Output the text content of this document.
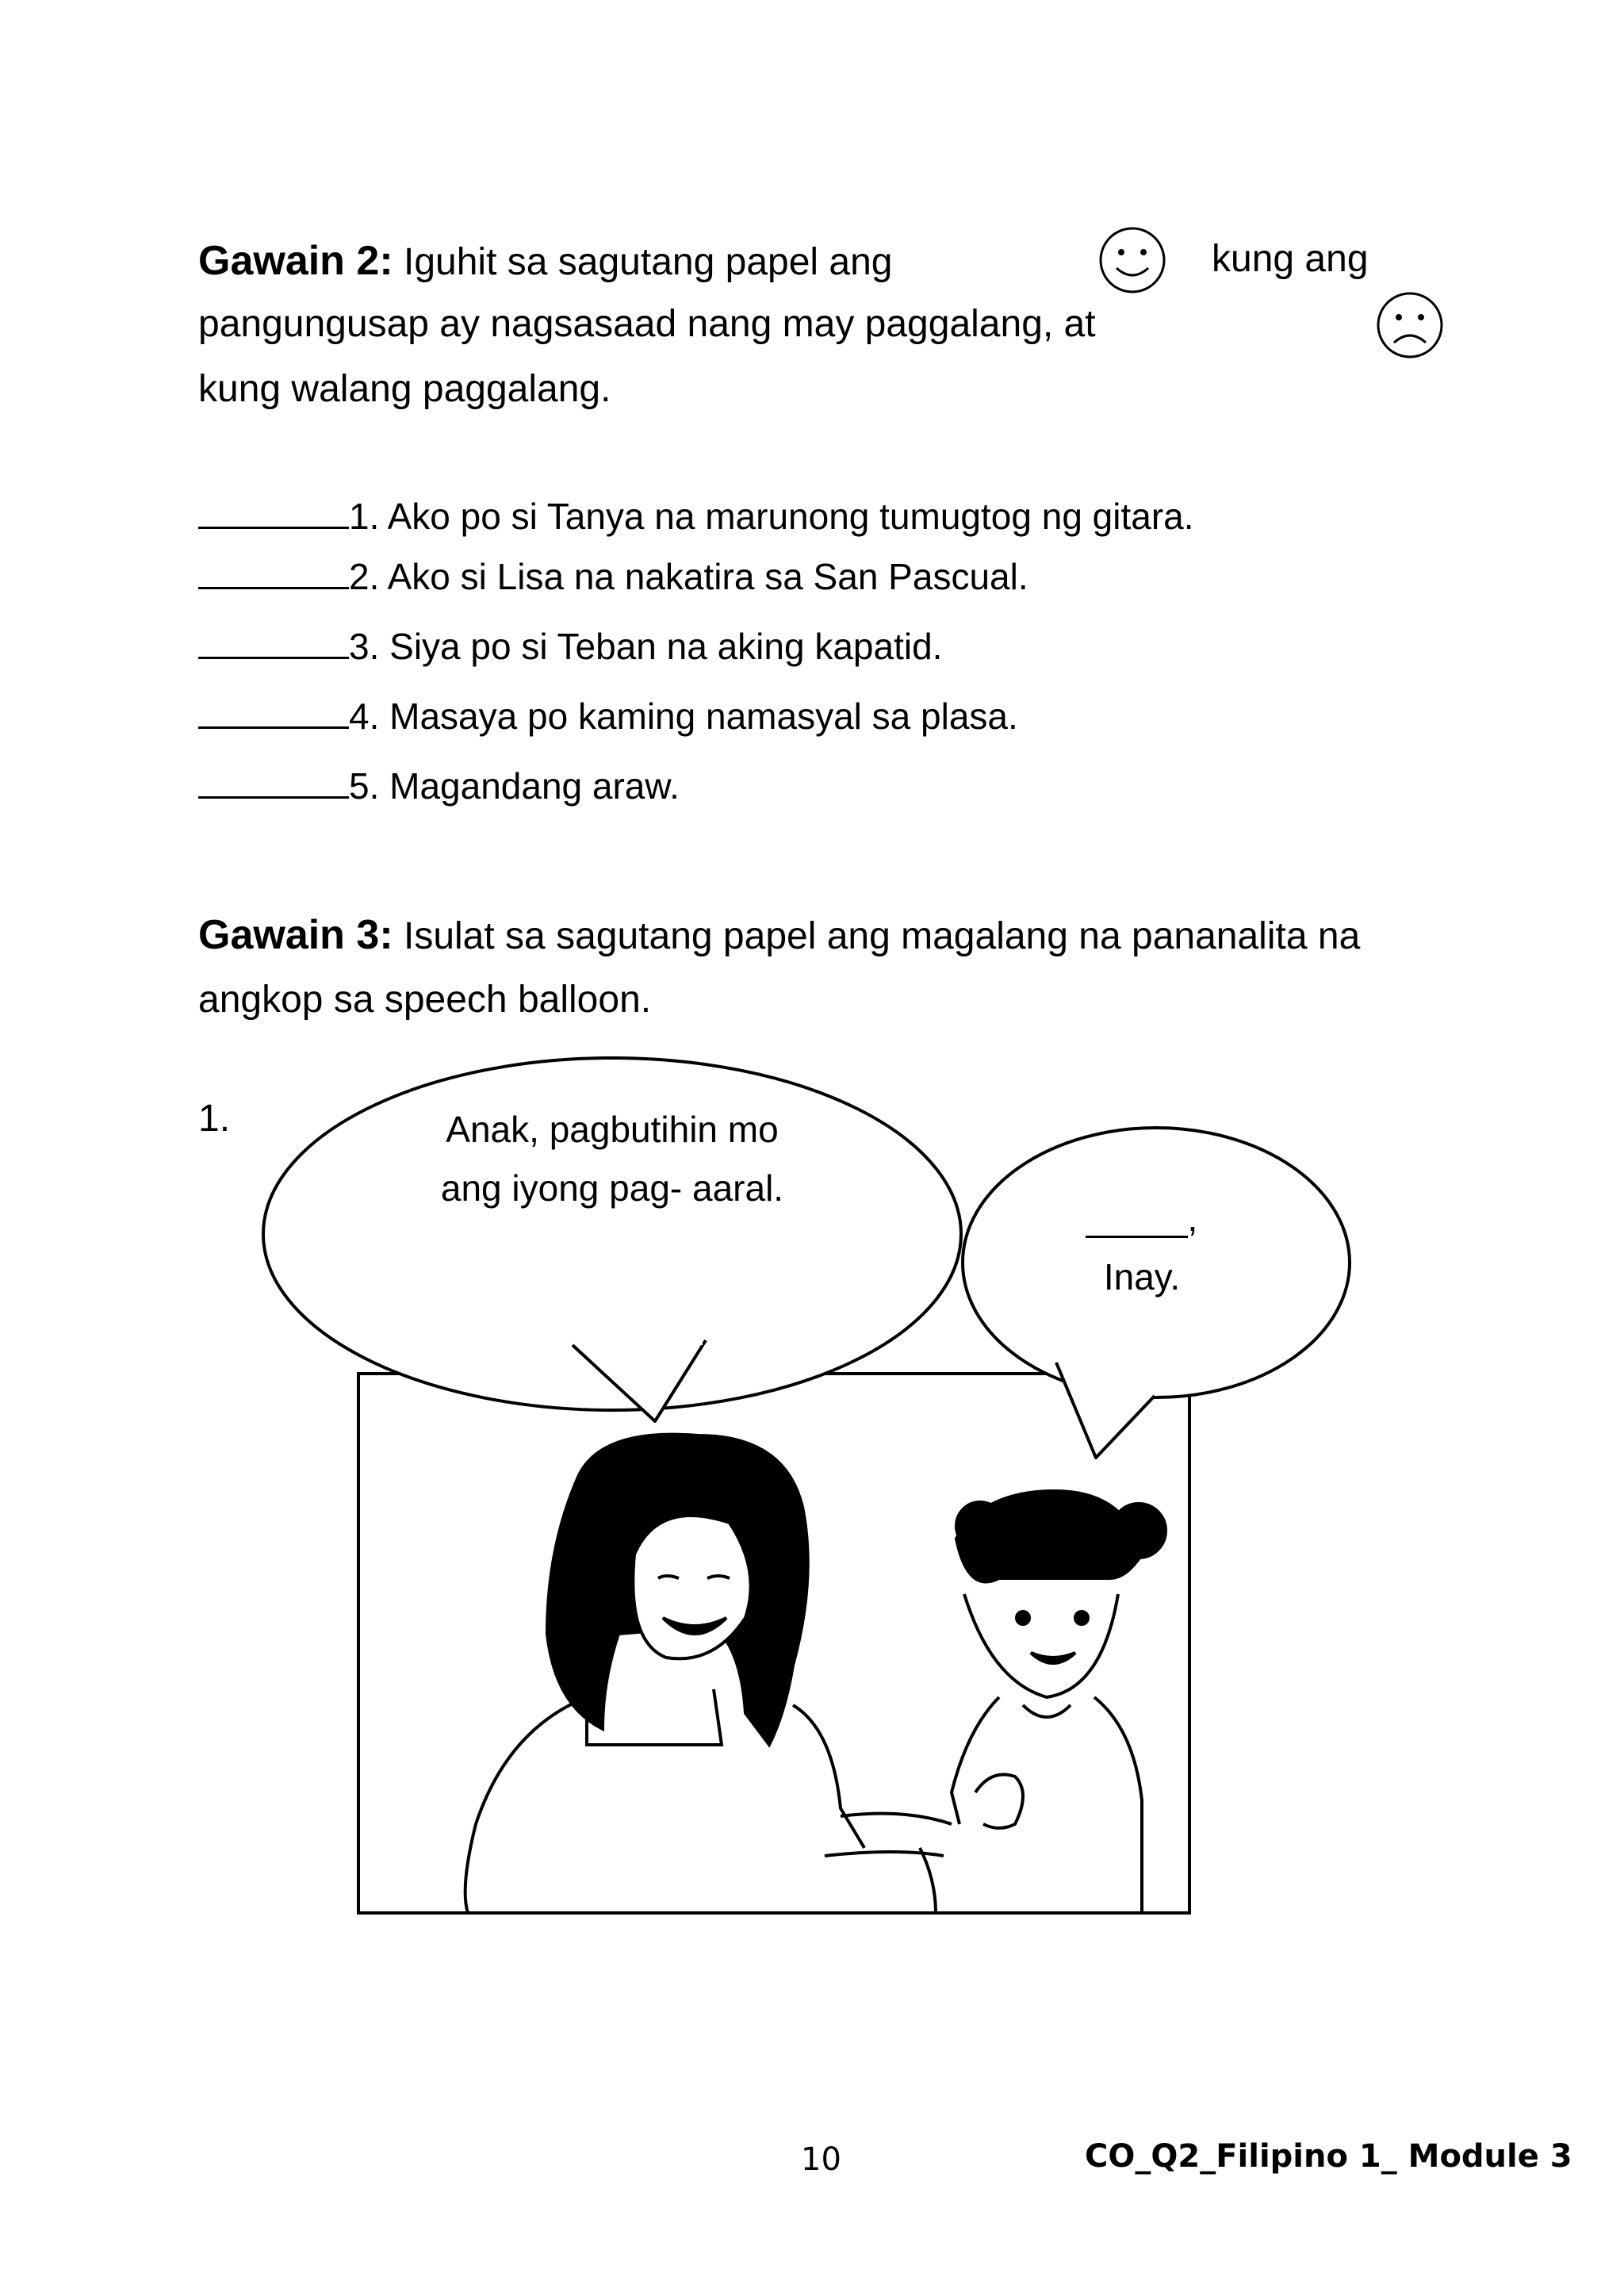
Gawain 2: Iguhit sa sagutang papel ang	kung ang
pangungusap ay nagsasaad nang may paggalang, at
kung walang paggalang.
1. Ako po si Tanya na marunong tumugtog ng gitara.
2. Ako si Lisa na nakatira sa San Pascual.
3. Siya po si Teban na aking kapatid.
4. Masaya po kaming namasyal sa plasa.
5. Magandang araw.
Gawain 3: Isulat sa sagutang papel ang magalang na pananalita na
angkop sa speech balloon.
1.	Anak, pagbutihin mo
ang iyong pag- aaral.
_____,
Inay.
10	CO_Q2_Filipino 1_ Module 3
